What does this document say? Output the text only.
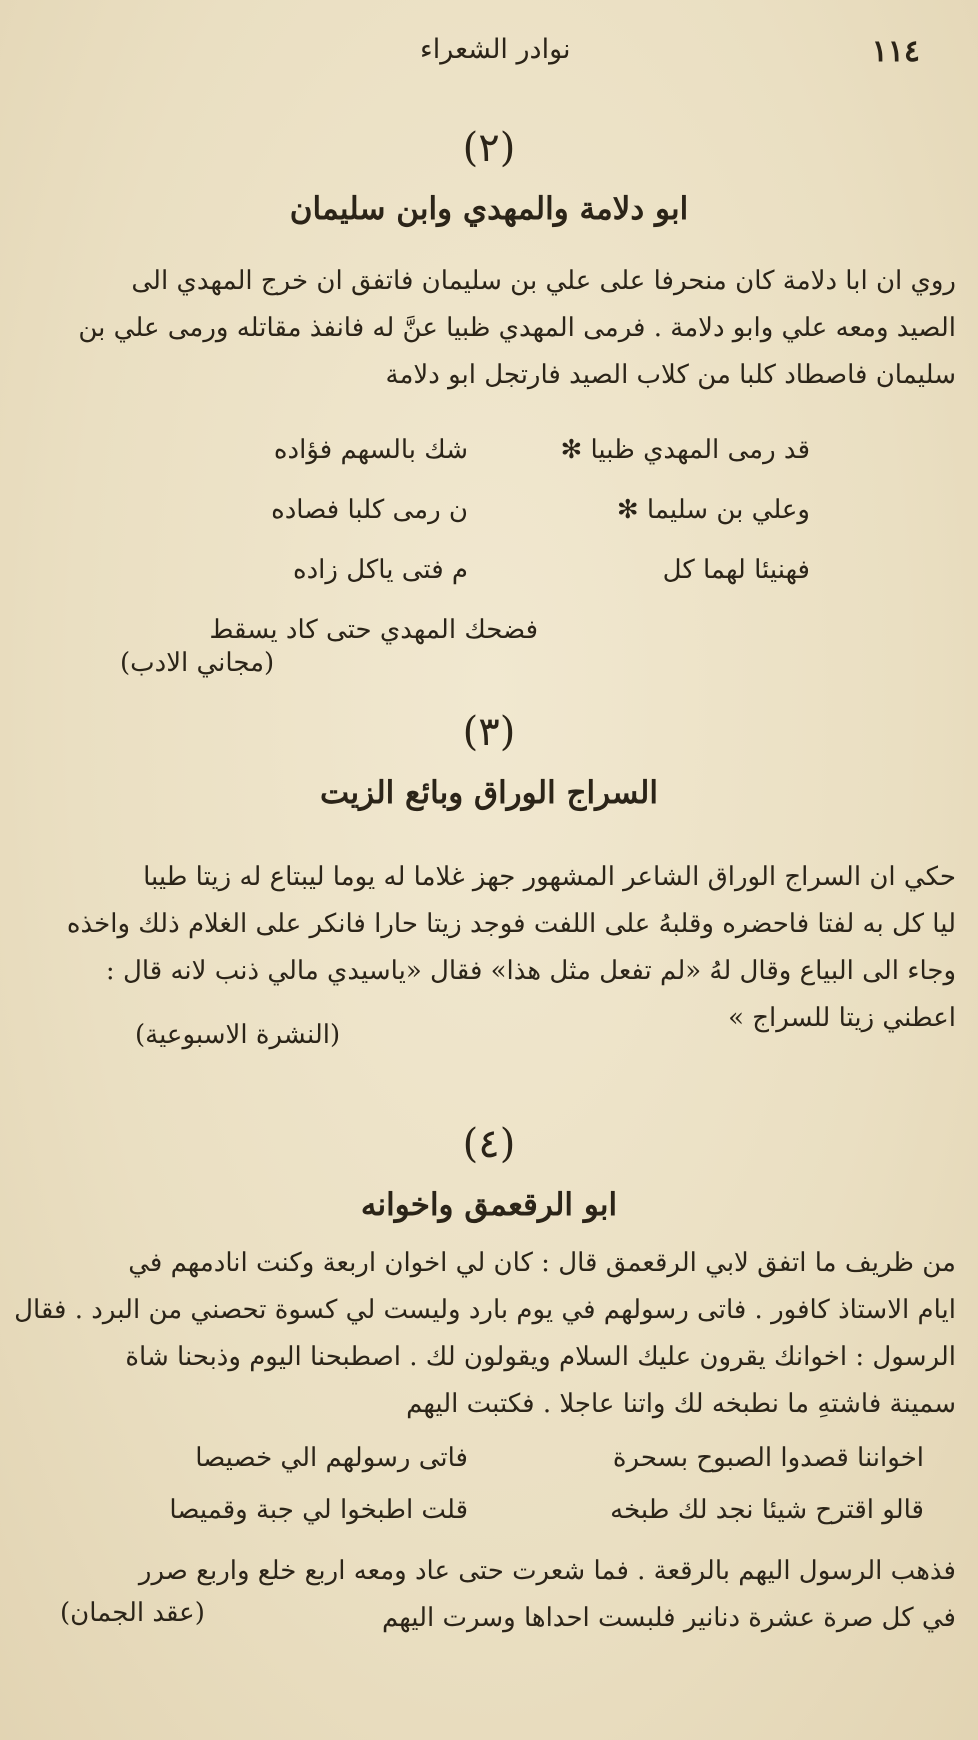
١١٤
نوادر الشعراء

(٢)

ابو دلامة والمهدي وابن سليمان

روي ان ابا دلامة كان منحرفا على علي بن سليمان فاتفق ان خرج المهدي الى

الصيد ومعه علي وابو دلامة . فرمى المهدي ظبيا عنَّ له فانفذ مقاتله ورمى علي بن

سليمان فاصطاد كلبا من كلاب الصيد فارتجل ابو دلامة

قد رمى المهدي ظبيا ✻
شك بالسهم فؤاده
وعلي بن سليما ✻
ن رمى كلبا فصاده
فهنيئا لهما كل
م فتى ياكل زاده
فضحك المهدي حتى كاد يسقط
(مجاني الادب)

(٣)

السراج الوراق وبائع الزيت

حكي ان السراج الوراق الشاعر المشهور جهز غلاما له يوما ليبتاع له زيتا طيبا

ليا كل به لفتا فاحضره وقلبهُ على اللفت فوجد زيتا حارا فانكر على الغلام ذلك واخذه

وجاء الى البياع وقال لهُ «لم تفعل مثل هذا» فقال «ياسيدي مالي ذنب لانه قال :

اعطني زيتا للسراج »

(النشرة الاسبوعية)

(٤)

ابو الرقعمق واخوانه

من ظريف ما اتفق لابي الرقعمق قال : كان لي اخوان اربعة وكنت انادمهم في

ايام الاستاذ كافور . فاتى رسولهم في يوم بارد وليست لي كسوة تحصني من البرد . فقال

الرسول : اخوانك يقرون عليك السلام ويقولون لك . اصطبحنا اليوم وذبحنا شاة

سمينة فاشتهِ ما نطبخه لك واتنا عاجلا . فكتبت اليهم

اخواننا قصدوا الصبوح بسحرة
فاتى رسولهم الي خصيصا
قالو اقترح شيئا نجد لك طبخه
قلت اطبخوا لي جبة وقميصا

فذهب الرسول اليهم بالرقعة . فما شعرت حتى عاد ومعه اربع خلع واربع صرر

في كل صرة عشرة دنانير فلبست احداها وسرت اليهم

(عقد الجمان)
